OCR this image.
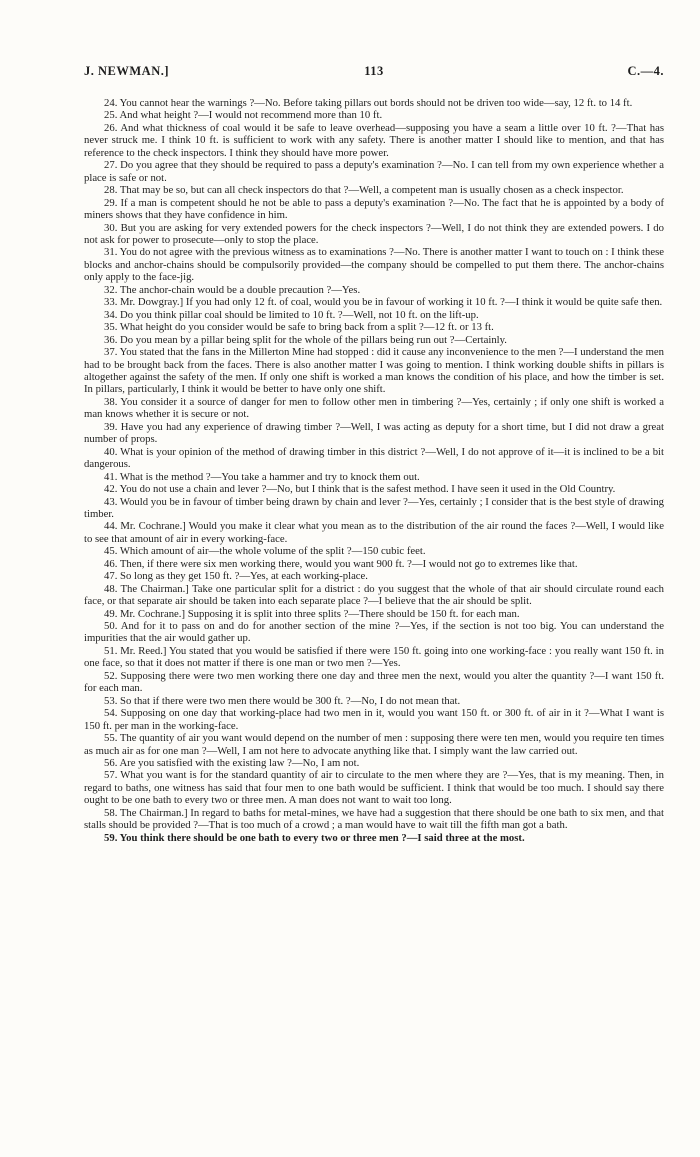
J. NEWMAN.]	113	C.—4.

24. You cannot hear the warnings ?—No. Before taking pillars out bords should not be driven too wide—say, 12 ft. to 14 ft.

25. And what height ?—I would not recommend more than 10 ft.

26. And what thickness of coal would it be safe to leave overhead—supposing you have a seam a little over 10 ft. ?—That has never struck me. I think 10 ft. is sufficient to work with any safety. There is another matter I should like to mention, and that has reference to the check inspectors. I think they should have more power.

27. Do you agree that they should be required to pass a deputy's examination ?—No. I can tell from my own experience whether a place is safe or not.

28. That may be so, but can all check inspectors do that ?—Well, a competent man is usually chosen as a check inspector.

29. If a man is competent should he not be able to pass a deputy's examination ?—No. The fact that he is appointed by a body of miners shows that they have confidence in him.

30. But you are asking for very extended powers for the check inspectors ?—Well, I do not think they are extended powers. I do not ask for power to prosecute—only to stop the place.

31. You do not agree with the previous witness as to examinations ?—No. There is another matter I want to touch on : I think these blocks and anchor-chains should be compulsorily provided—the company should be compelled to put them there. The anchor-chains only apply to the face-jig.

32. The anchor-chain would be a double precaution ?—Yes.

33. Mr. Dowgray.] If you had only 12 ft. of coal, would you be in favour of working it 10 ft. ?—I think it would be quite safe then.

34. Do you think pillar coal should be limited to 10 ft. ?—Well, not 10 ft. on the lift-up.

35. What height do you consider would be safe to bring back from a split ?—12 ft. or 13 ft.

36. Do you mean by a pillar being split for the whole of the pillars being run out ?—Certainly.

37. You stated that the fans in the Millerton Mine had stopped : did it cause any inconvenience to the men ?—I understand the men had to be brought back from the faces. There is also another matter I was going to mention. I think working double shifts in pillars is altogether against the safety of the men. If only one shift is worked a man knows the condition of his place, and how the timber is set. In pillars, particularly, I think it would be better to have only one shift.

38. You consider it a source of danger for men to follow other men in timbering ?—Yes, certainly ; if only one shift is worked a man knows whether it is secure or not.

39. Have you had any experience of drawing timber ?—Well, I was acting as deputy for a short time, but I did not draw a great number of props.

40. What is your opinion of the method of drawing timber in this district ?—Well, I do not approve of it—it is inclined to be a bit dangerous.

41. What is the method ?—You take a hammer and try to knock them out.

42. You do not use a chain and lever ?—No, but I think that is the safest method. I have seen it used in the Old Country.

43. Would you be in favour of timber being drawn by chain and lever ?—Yes, certainly ; I consider that is the best style of drawing timber.

44. Mr. Cochrane.] Would you make it clear what you mean as to the distribution of the air round the faces ?—Well, I would like to see that amount of air in every working-face.

45. Which amount of air—the whole volume of the split ?—150 cubic feet.

46. Then, if there were six men working there, would you want 900 ft. ?—I would not go to extremes like that.

47. So long as they get 150 ft. ?—Yes, at each working-place.

48. The Chairman.] Take one particular split for a district : do you suggest that the whole of that air should circulate round each face, or that separate air should be taken into each separate place ?—I believe that the air should be split.

49. Mr. Cochrane.] Supposing it is split into three splits ?—There should be 150 ft. for each man.

50. And for it to pass on and do for another section of the mine ?—Yes, if the section is not too big. You can understand the impurities that the air would gather up.

51. Mr. Reed.] You stated that you would be satisfied if there were 150 ft. going into one working-face : you really want 150 ft. in one face, so that it does not matter if there is one man or two men ?—Yes.

52. Supposing there were two men working there one day and three men the next, would you alter the quantity ?—I want 150 ft. for each man.

53. So that if there were two men there would be 300 ft. ?—No, I do not mean that.

54. Supposing on one day that working-place had two men in it, would you want 150 ft. or 300 ft. of air in it ?—What I want is 150 ft. per man in the working-face.

55. The quantity of air you want would depend on the number of men : supposing there were ten men, would you require ten times as much air as for one man ?—Well, I am not here to advocate anything like that. I simply want the law carried out.

56. Are you satisfied with the existing law ?—No, I am not.

57. What you want is for the standard quantity of air to circulate to the men where they are ?—Yes, that is my meaning. Then, in regard to baths, one witness has said that four men to one bath would be sufficient. I think that would be too much. I should say there ought to be one bath to every two or three men. A man does not want to wait too long.

58. The Chairman.] In regard to baths for metal-mines, we have had a suggestion that there should be one bath to six men, and that stalls should be provided ?—That is too much of a crowd ; a man would have to wait till the fifth man got a bath.

59. You think there should be one bath to every two or three men ?—I said three at the most.
